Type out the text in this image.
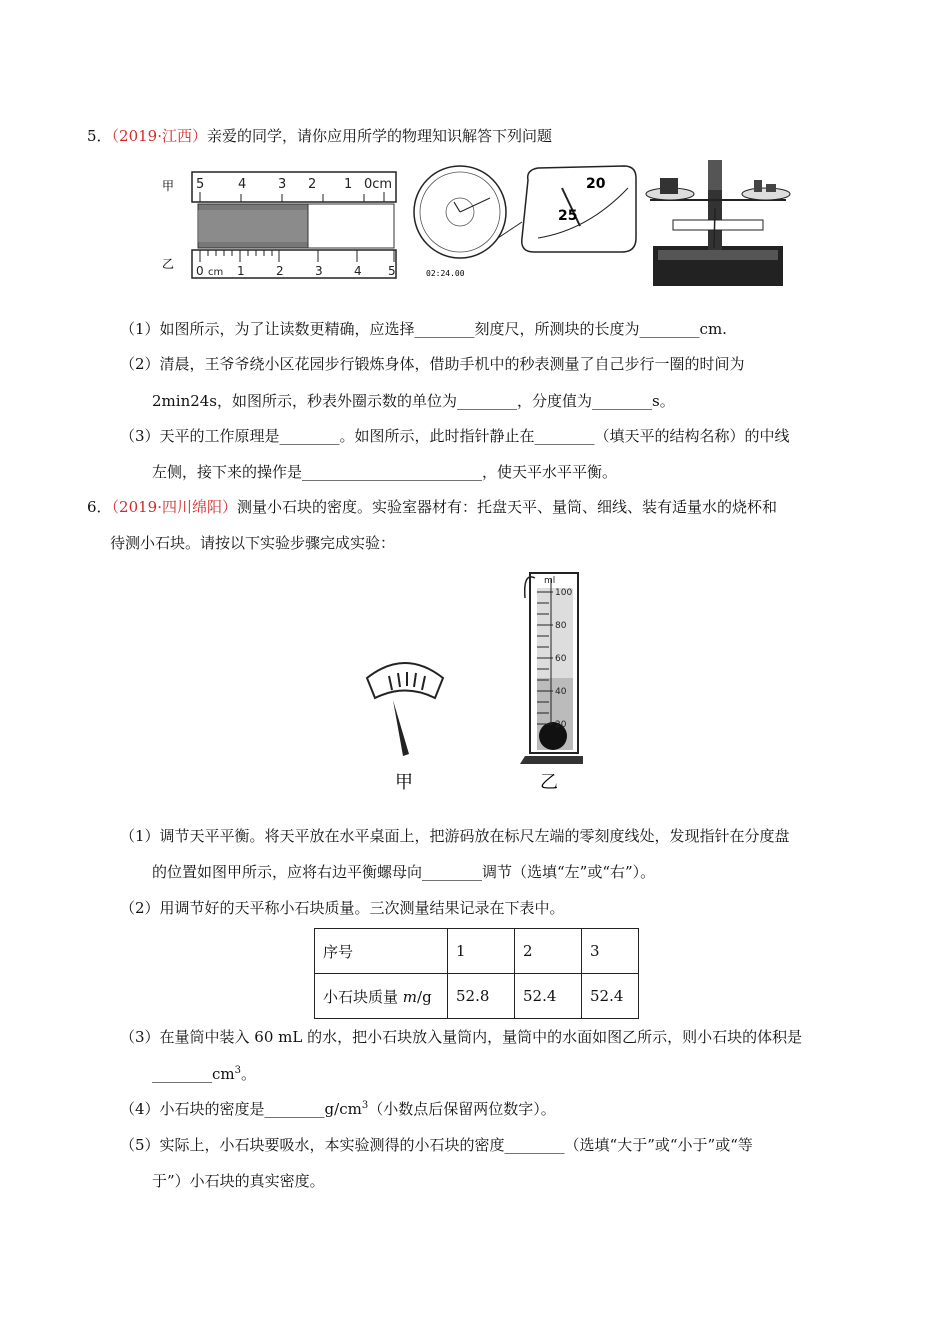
5．（2019·江西）亲爱的同学，请你应用所学的物理知识解答下列问题
甲
乙
5	4 3 2 1 0cm
0 cm 1	2	3	4 5	02:24.00
20
25
（1）如图所示，为了让读数更精确，应选择________刻度尺，所测块的长度为________cm.
（2）清晨，王爷爷绕小区花园步行锻炼身体，借助手机中的秒表测量了自己步行一圈的时间为
2min24s，如图所示，秒表外圈示数的单位为________，分度值为________s。
（3）天平的工作原理是________。如图所示，此时指针静止在________（填天平的结构名称）的中线
左侧，接下来的操作是________________________，使天平水平平衡。
6．（2019·四川绵阳）测量小石块的密度。实验室器材有：托盘天平、量筒、细线、装有适量水的烧杯和
待测小石块。请按以下实验步骤完成实验：
甲
ml
100
80
60
40
20
乙
（1）调节天平平衡。将天平放在水平桌面上，把游码放在标尺左端的零刻度线处，发现指针在分度盘
的位置如图甲所示，应将右边平衡螺母向________调节（选填“左”或“右”）。
（2）用调节好的天平称小石块质量。三次测量结果记录在下表中。
序号	1	2	3
小石块质量 m/g	52.8	52.4	52.4
（3）在量筒中装入 60 mL 的水，把小石块放入量筒内，量筒中的水面如图乙所示，则小石块的体积是
$\_\_\_\_\_\_\_\_cm^3$。
（4）小石块的密度是$\_\_\_\_\_\_\_\_g/cm^3$（小数点后保留两位数字）。
（5）实际上，小石块要吸水，本实验测得的小石块的密度________（选填“大于”或“小于”或“等
于”）小石块的真实密度。
